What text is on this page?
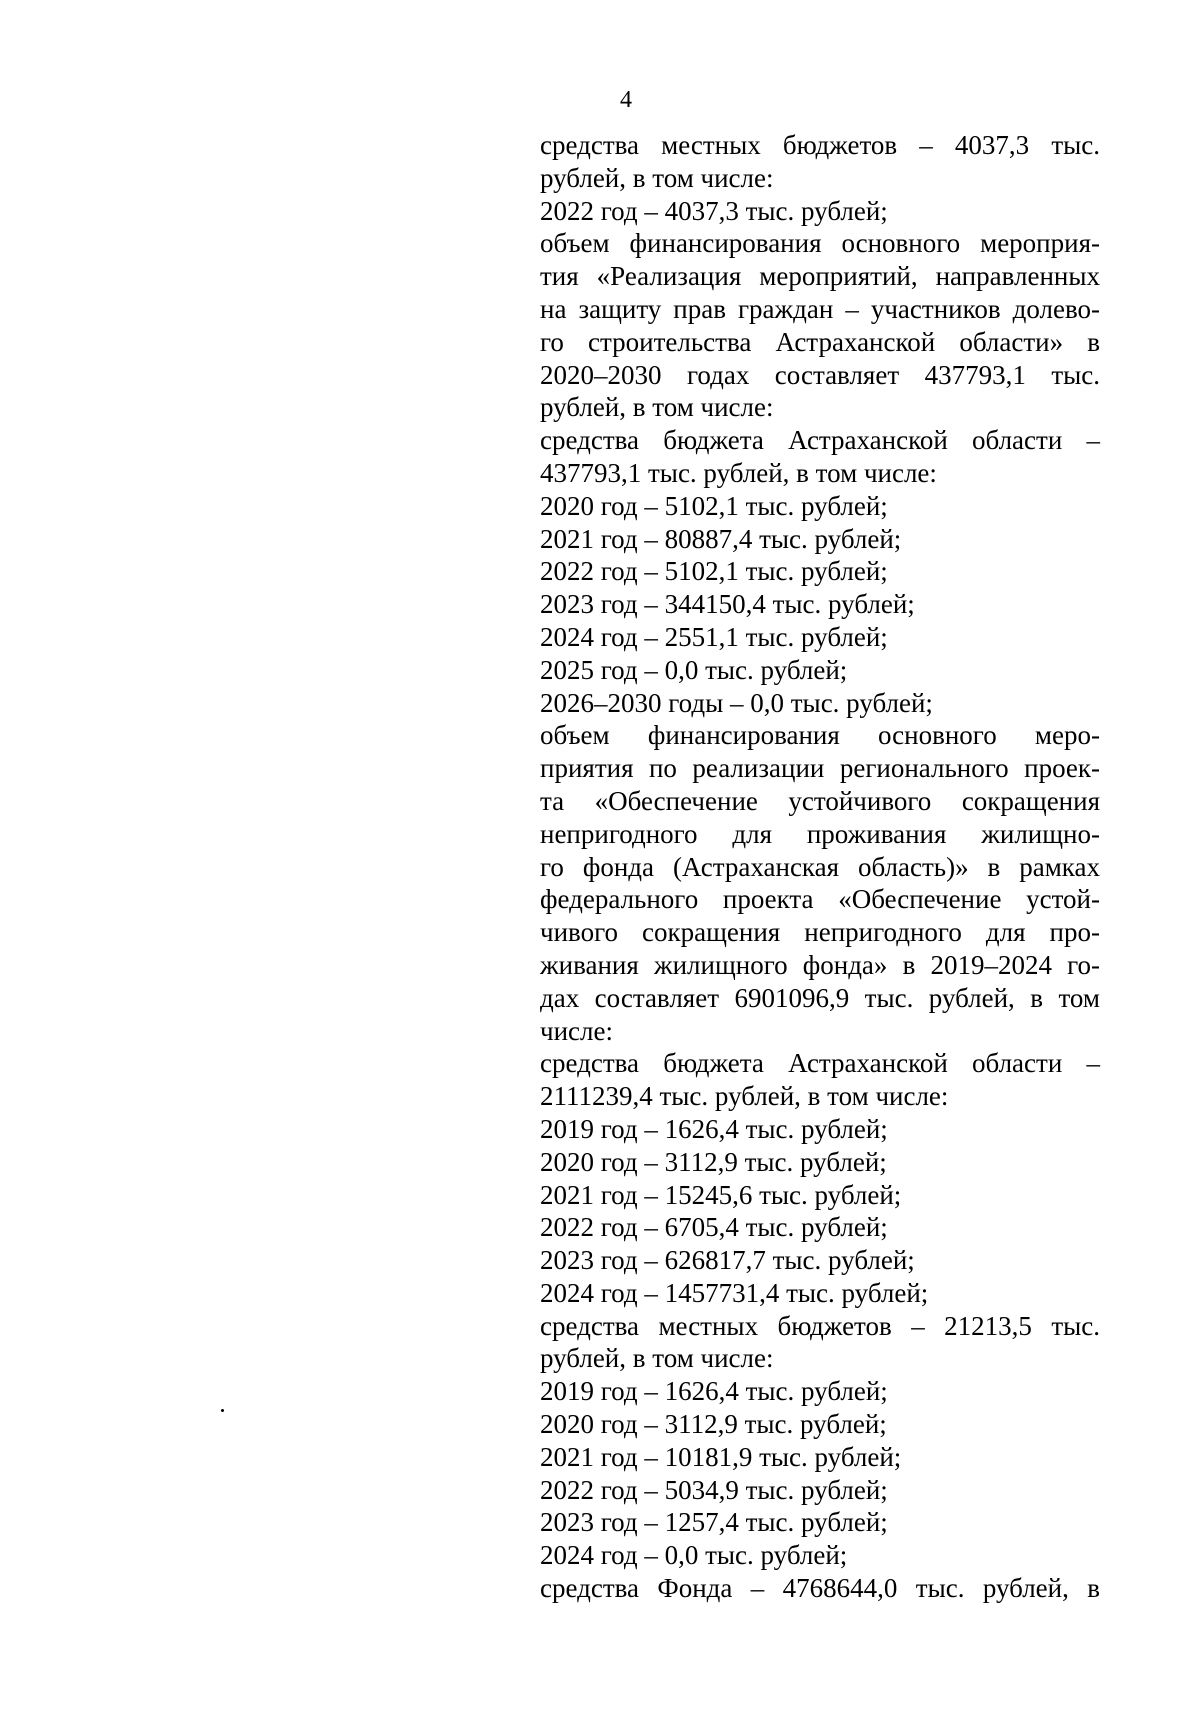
4
средства местных бюджетов – 4037,3 тыс.
рублей, в том числе:
2022 год – 4037,3 тыс. рублей;
объем финансирования основного мероприя-
тия «Реализация мероприятий, направленных
на защиту прав граждан – участников долево-
го строительства Астраханской области» в
2020–2030 годах составляет 437793,1 тыс.
рублей, в том числе:
средства бюджета Астраханской области –
437793,1 тыс. рублей, в том числе:
2020 год – 5102,1 тыс. рублей;
2021 год – 80887,4 тыс. рублей;
2022 год – 5102,1 тыс. рублей;
2023 год – 344150,4 тыс. рублей;
2024 год – 2551,1 тыс. рублей;
2025 год – 0,0 тыс. рублей;
2026–2030 годы – 0,0 тыс. рублей;
объем финансирования основного меро-
приятия по реализации регионального проек-
та «Обеспечение устойчивого сокращения
непригодного для проживания жилищно-
го фонда (Астраханская область)» в рамках
федерального проекта «Обеспечение устой-
чивого сокращения непригодного для про-
живания жилищного фонда» в 2019–2024 го-
дах составляет 6901096,9 тыс. рублей, в том
числе:
средства бюджета Астраханской области –
2111239,4 тыс. рублей, в том числе:
2019 год – 1626,4 тыс. рублей;
2020 год – 3112,9 тыс. рублей;
2021 год – 15245,6 тыс. рублей;
2022 год – 6705,4 тыс. рублей;
2023 год – 626817,7 тыс. рублей;
2024 год – 1457731,4 тыс. рублей;
средства местных бюджетов – 21213,5 тыс.
рублей, в том числе:
2019 год – 1626,4 тыс. рублей;
2020 год – 3112,9 тыс. рублей;
2021 год – 10181,9 тыс. рублей;
2022 год – 5034,9 тыс. рублей;
2023 год – 1257,4 тыс. рублей;
2024 год – 0,0 тыс. рублей;
средства Фонда – 4768644,0 тыс. рублей, в
